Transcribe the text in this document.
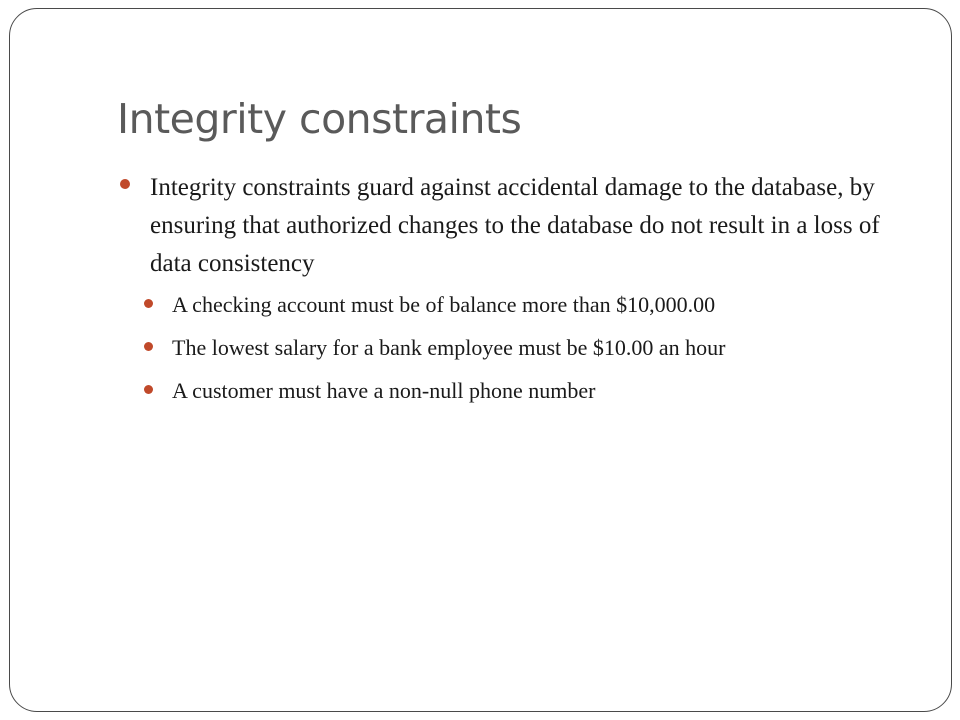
Integrity constraints
Integrity constraints guard against accidental damage to the database, by ensuring that authorized changes to the database do not result in a loss of data consistency
A checking account must be of balance more than $10,000.00
The lowest salary for a bank employee must be $10.00 an hour
A customer must have a non-null phone number
